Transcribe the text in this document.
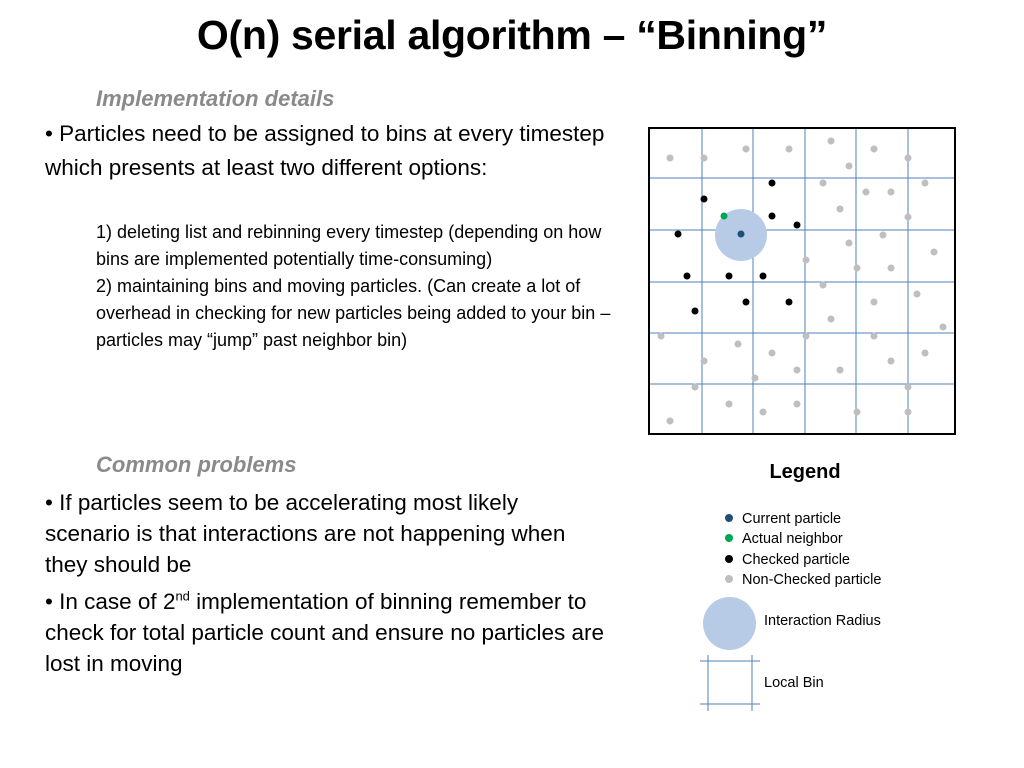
O(n) serial algorithm – “Binning”
Implementation details
• Particles need to be assigned to bins at every timestep which presents at least two different options:

1) deleting list and rebinning every timestep (depending on how bins are implemented potentially time-consuming)

2) maintaining bins and moving particles. (Can create a lot of overhead in checking for new particles being added to your bin – particles may “jump” past neighbor bin)

Common problems
• If particles seem to be accelerating most likely scenario is that interactions are not happening when they should be
• In case of 2nd implementation of binning remember to check for total particle count and ensure no particles are lost in moving
Legend
Current particle
Actual neighbor
Checked particle
Non-Checked particle
Interaction Radius
Local Bin
